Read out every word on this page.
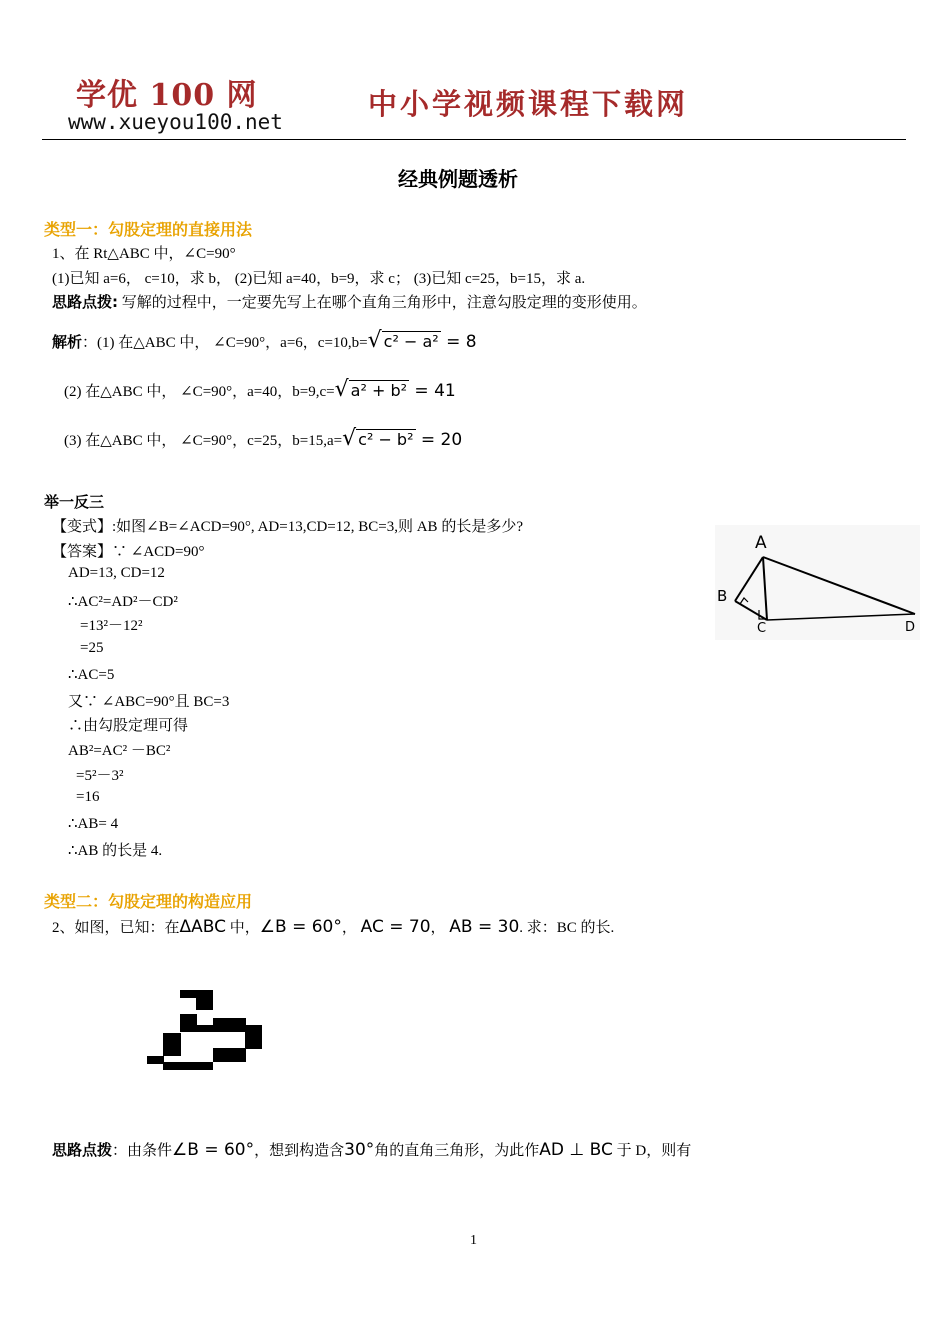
学优 100 网
www.xueyou100.net
中小学视频课程下载网
经典例题透析
类型一：勾股定理的直接用法
1、在 Rt△ABC 中，∠C=90°
(1)已知 a=6， c=10，求 b， (2)已知 a=40，b=9，求 c； (3)已知 c=25，b=15，求 a.
思路点拨: 写解的过程中，一定要先写上在哪个直角三角形中，注意勾股定理的变形使用。
解析：(1) 在△ABC 中， ∠C=90°，a=6，c=10,b=√ c² − a² = 8
(2) 在△ABC 中， ∠C=90°，a=40，b=9,c=√ a² + b² = 41
(3) 在△ABC 中， ∠C=90°，c=25，b=15,a=√ c² − b² = 20
举一反三
【变式】:如图∠B=∠ACD=90°, AD=13,CD=12, BC=3,则 AB 的长是多少?
【答案】∵ ∠ACD=90°
AD=13, CD=12
∴AC²=AD²－CD²
=13²－12²
=25
∴AC=5
又∵ ∠ABC=90°且 BC=3
∴由勾股定理可得
AB²=AC² －BC²
=5²－3²
=16
∴AB= 4
∴AB 的长是 4.
A
B
C	D
类型二：勾股定理的构造应用
2、如图，已知：在ΔABC 中，∠B = 60°， AC = 70， AB = 30. 求：BC 的长.
思路点拨：由条件∠B = 60°，想到构造含30°角的直角三角形，为此作AD ⊥ BC 于 D，则有
1
